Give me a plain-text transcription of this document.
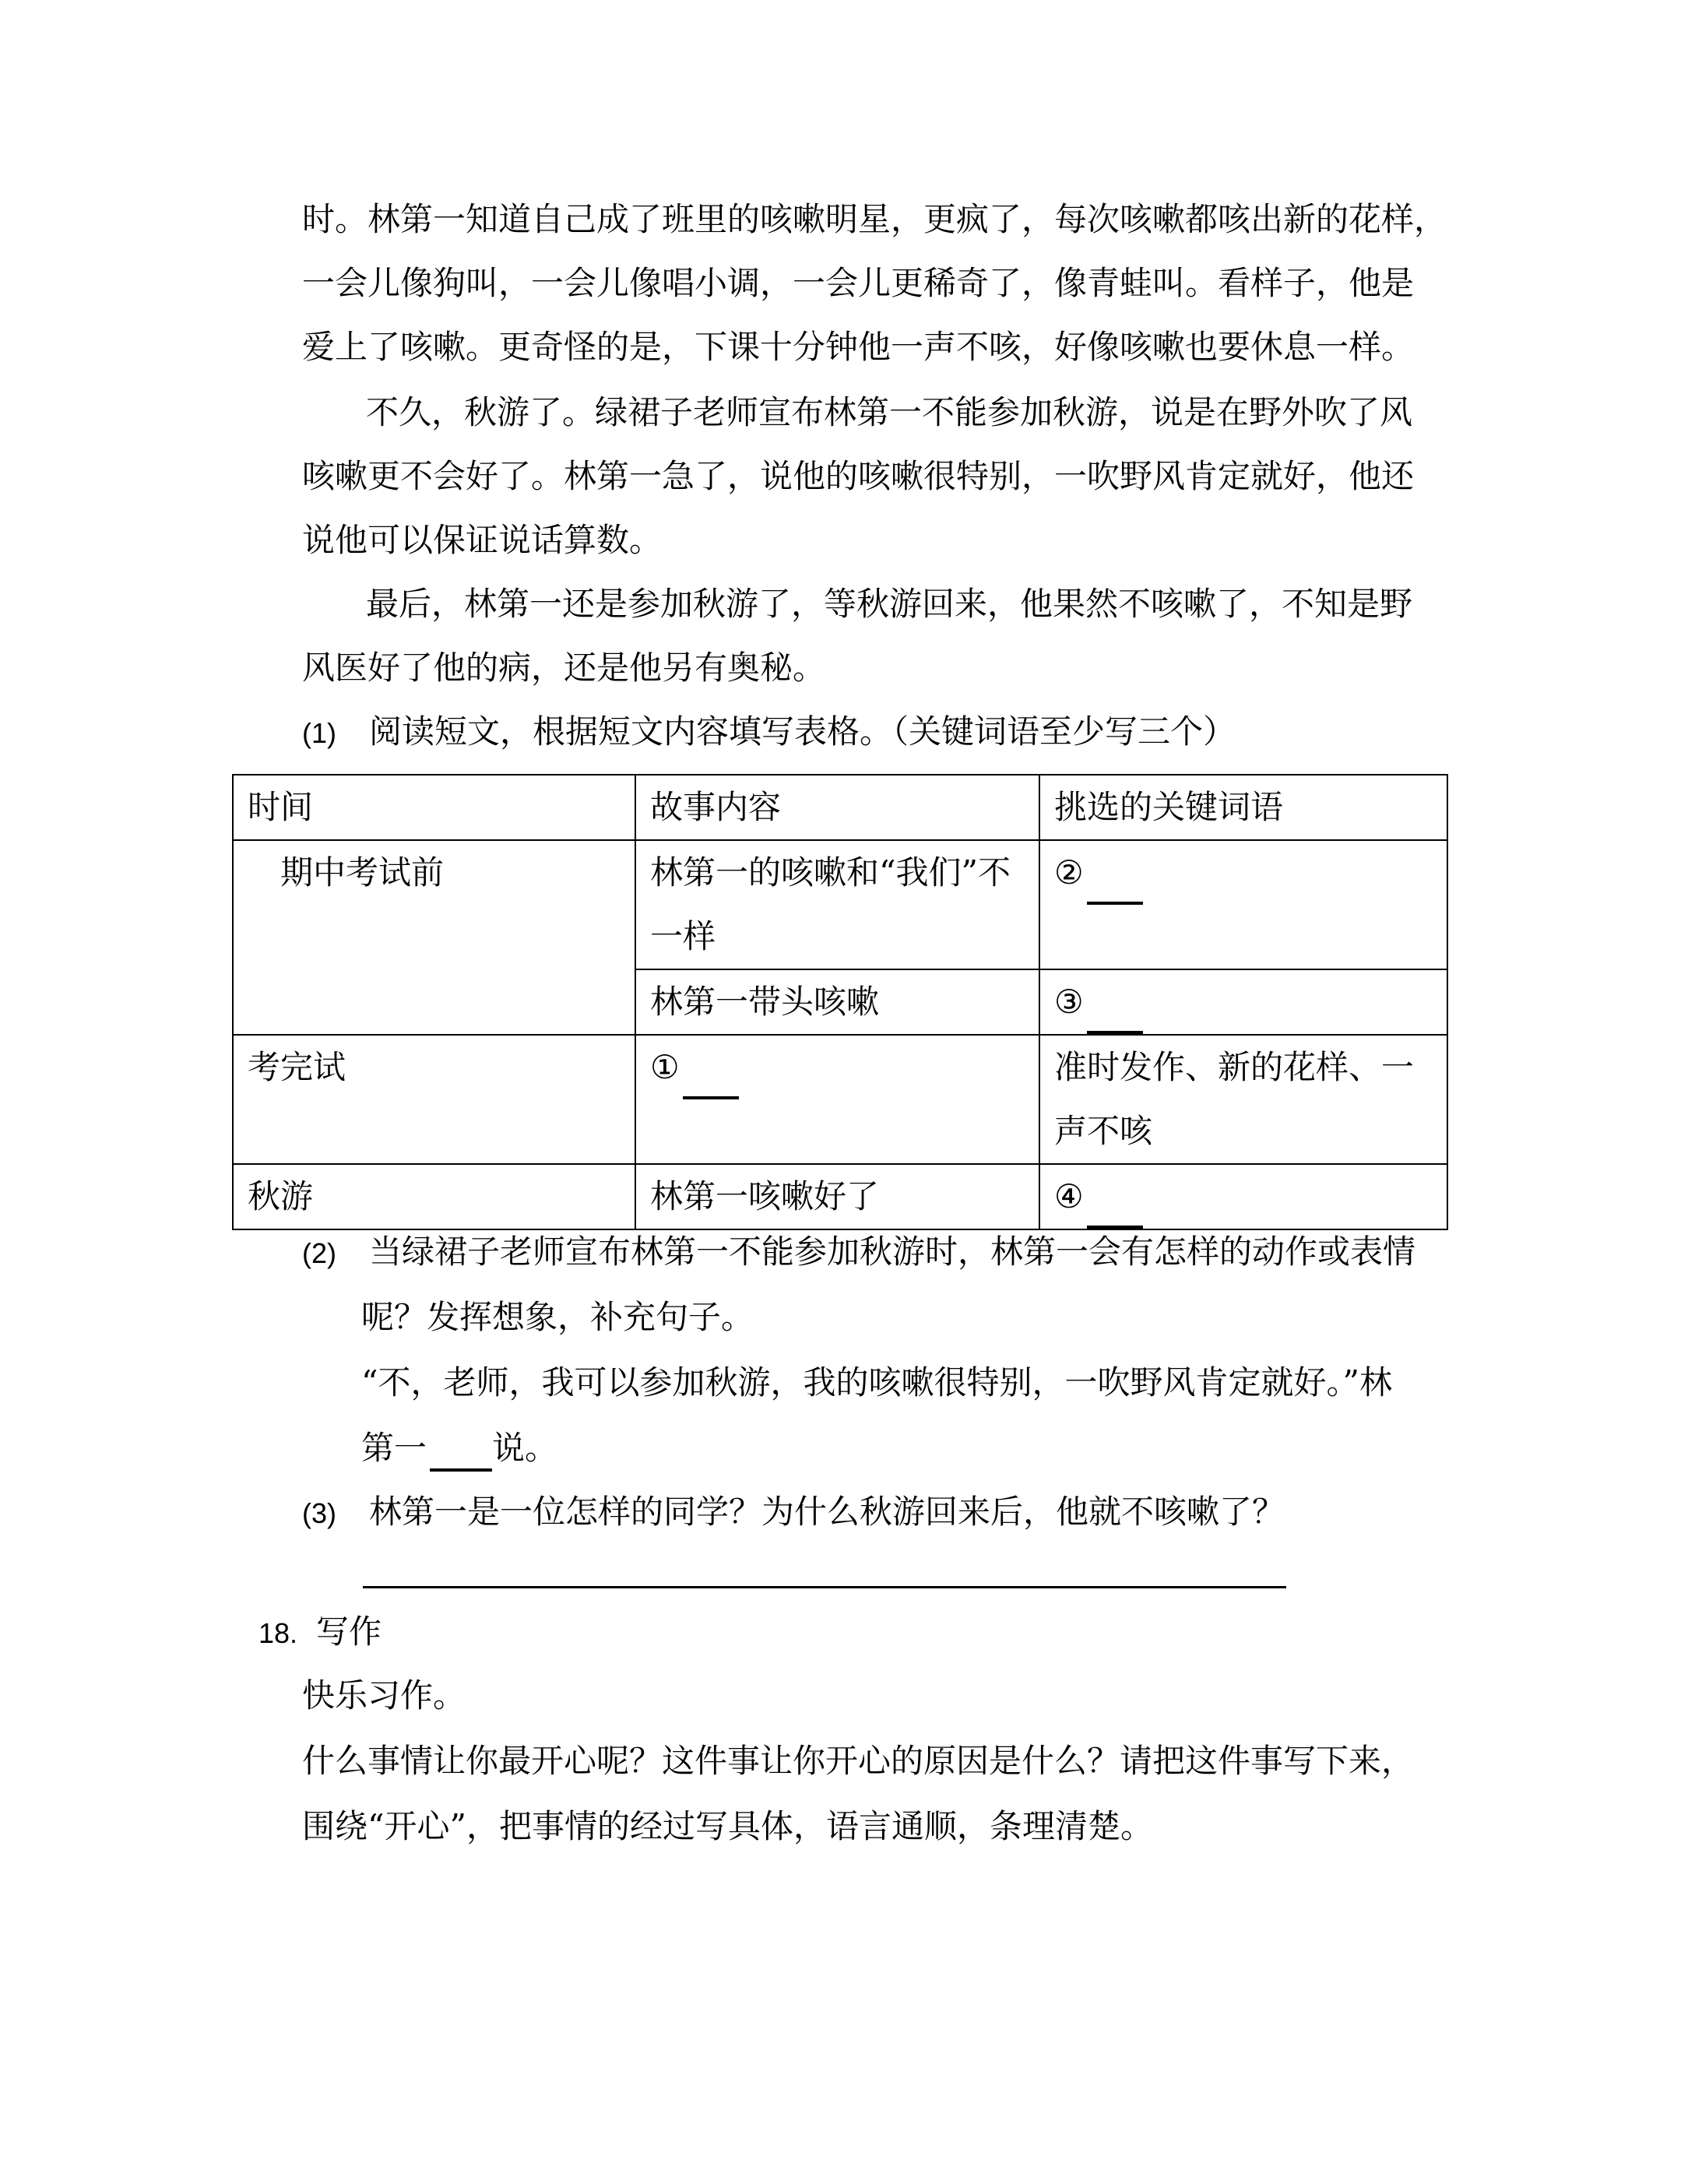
时。林第一知道自己成了班里的咳嗽明星，更疯了，每次咳嗽都咳出新的花样，
一会儿像狗叫，一会儿像唱小调，一会儿更稀奇了，像青蛙叫。看样子，他是
爱上了咳嗽。更奇怪的是，下课十分钟他一声不咳，好像咳嗽也要休息一样。
不久，秋游了。绿裙子老师宣布林第一不能参加秋游，说是在野外吹了风
咳嗽更不会好了。林第一急了，说他的咳嗽很特别，一吹野风肯定就好，他还
说他可以保证说话算数。
最后，林第一还是参加秋游了，等秋游回来，他果然不咳嗽了，不知是野
风医好了他的病，还是他另有奥秘。
(1) 阅读短文，根据短文内容填写表格。（关键词语至少写三个）
时间	故事内容	挑选的关键词语
期中考试前	林第一的咳嗽和“我们”不一样	②
	林第一带头咳嗽	③
考完试	①	准时发作、新的花样、一声不咳
秋游	林第一咳嗽好了	④
(2) 当绿裙子老师宣布林第一不能参加秋游时，林第一会有怎样的动作或表情
呢？发挥想象，补充句子。
“不，老师，我可以参加秋游，我的咳嗽很特别，一吹野风肯定就好。”林
第一 说。
(3) 林第一是一位怎样的同学？为什么秋游回来后，他就不咳嗽了？
18. 写作
快乐习作。
什么事情让你最开心呢？这件事让你开心的原因是什么？请把这件事写下来，
围绕“开心”，把事情的经过写具体，语言通顺，条理清楚。
